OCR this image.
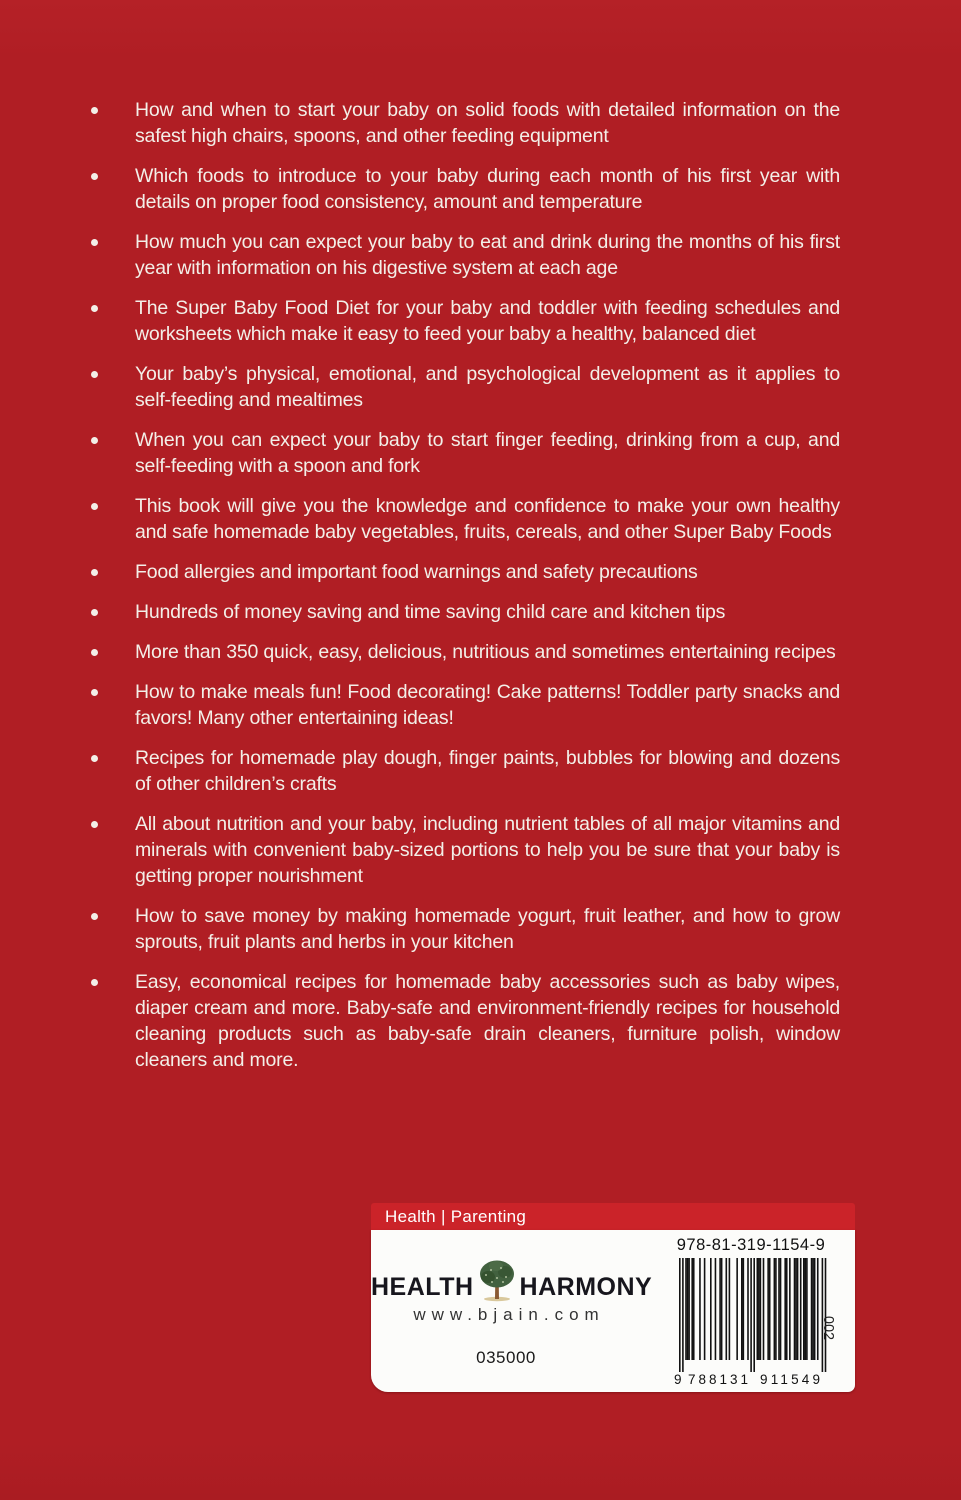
How and when to start your baby on solid foods with detailed information on the safest high chairs, spoons, and other feeding equipment
Which foods to introduce to your baby during each month of his first year with details on proper food consistency, amount and temperature
How much you can expect your baby to eat and drink during the months of his first year with information on his digestive system at each age
The Super Baby Food Diet for your baby and toddler with feeding schedules and worksheets which make it easy to feed your baby a healthy, balanced diet
Your baby’s physical, emotional, and psychological development as it applies to self-feeding and mealtimes
When you can expect your baby to start finger feeding, drinking from a cup, and self-feeding with a spoon and fork
This book will give you the knowledge and confidence to make your own healthy and safe homemade baby vegetables, fruits, cereals, and other Super Baby Foods
Food allergies and important food warnings and safety precautions
Hundreds of money saving and time saving child care and kitchen tips
More than 350 quick, easy, delicious, nutritious and sometimes entertaining recipes
How to make meals fun! Food decorating! Cake patterns! Toddler party snacks and favors! Many other entertaining ideas!
Recipes for homemade play dough, finger paints, bubbles for blowing and dozens of other children’s crafts
All about nutrition and your baby, including nutrient tables of all major vitamins and minerals with convenient baby-sized portions to help you be sure that your baby is getting proper nourishment
How to save money by making homemade yogurt, fruit leather, and how to grow sprouts, fruit plants and herbs in your kitchen
Easy, economical recipes for homemade baby accessories such as baby wipes, diaper cream and more. Baby-safe and environment-friendly recipes for household cleaning products such as baby-safe drain cleaners, furniture polish, window cleaners and more.
Health | Parenting
HEALTH HARMONY
www.bjain.com
035000
978-81-319-1154-9
9 788131 911549
002
